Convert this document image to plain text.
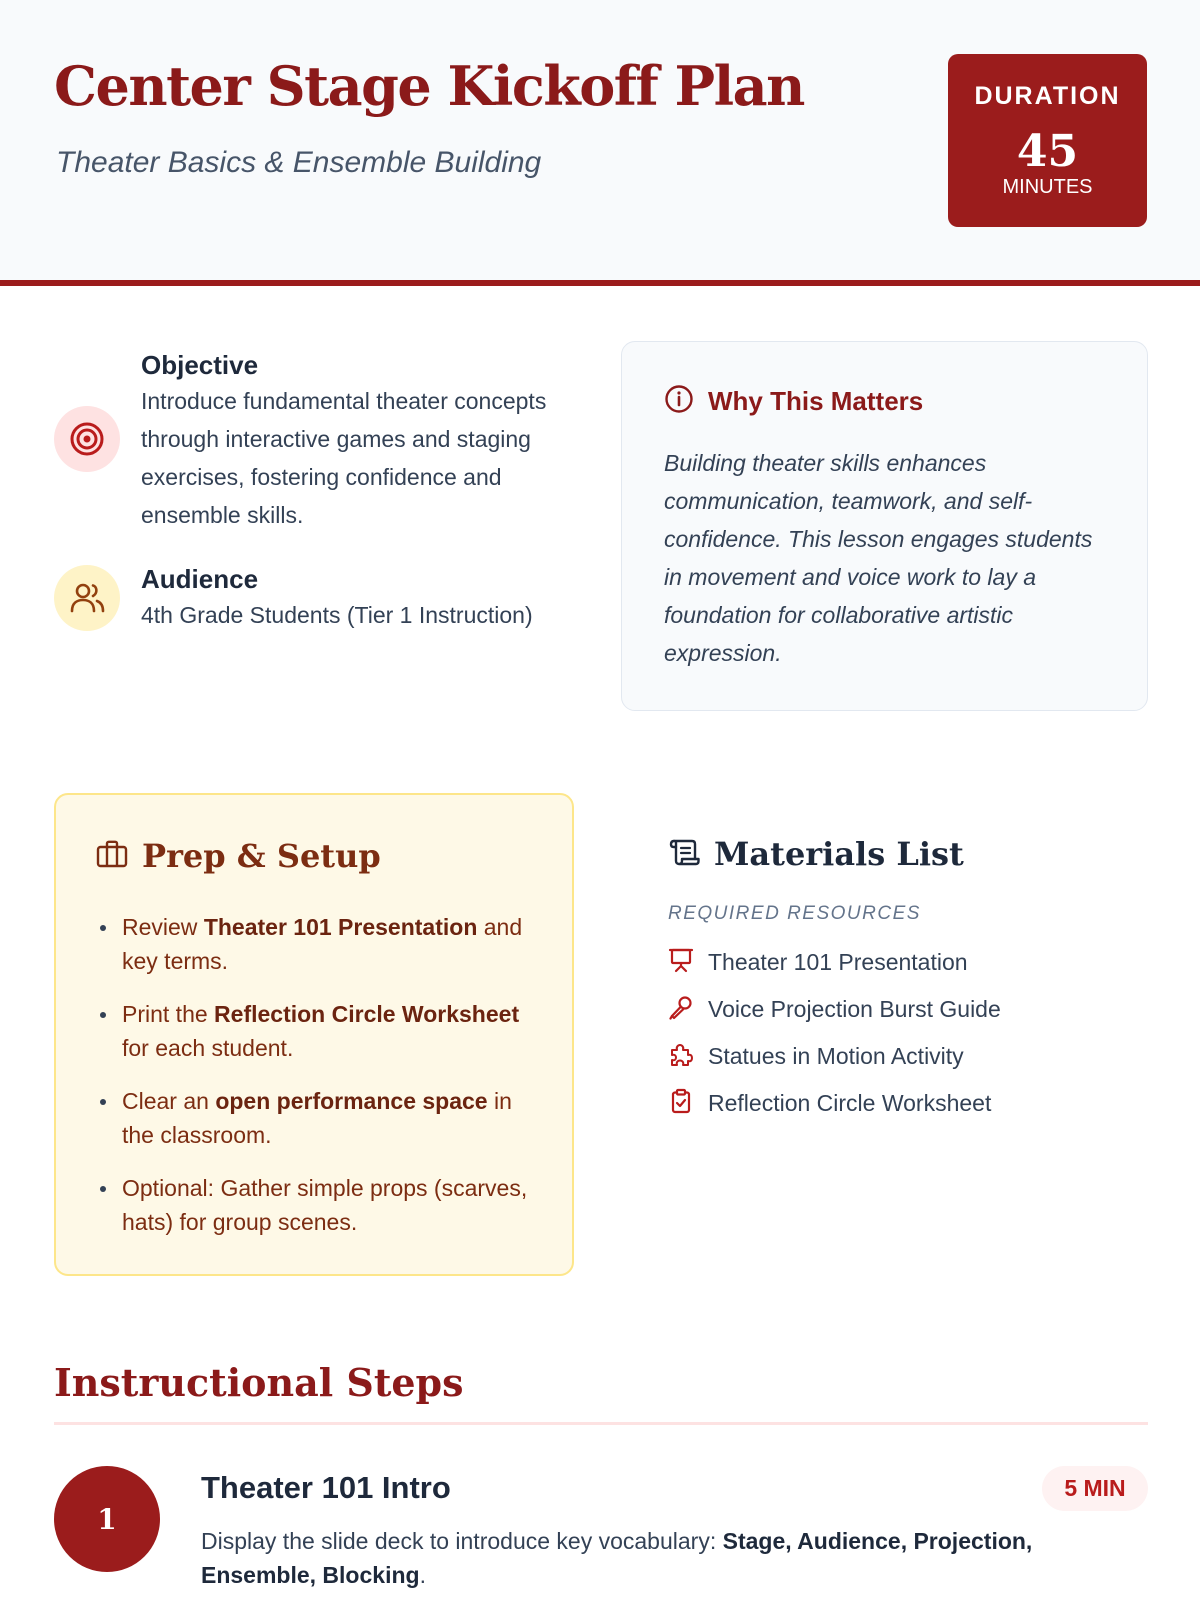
Center Stage Kickoff Plan
Theater Basics & Ensemble Building
DURATION
45
MINUTES
Objective
Introduce fundamental theater concepts through interactive games and staging exercises, fostering confidence and ensemble skills.
Audience
4th Grade Students (Tier 1 Instruction)
Why This Matters
Building theater skills enhances communication, teamwork, and self-confidence. This lesson engages students in movement and voice work to lay a foundation for collaborative artistic expression.
Prep & Setup
Review Theater 101 Presentation and key terms.
Print the Reflection Circle Worksheet for each student.
Clear an open performance space in the classroom.
Optional: Gather simple props (scarves, hats) for group scenes.
Materials List
REQUIRED RESOURCES
Theater 101 Presentation
Voice Projection Burst Guide
Statues in Motion Activity
Reflection Circle Worksheet
Instructional Steps
1
Theater 101 Intro	5 MIN
Display the slide deck to introduce key vocabulary: Stage, Audience, Projection, Ensemble, Blocking.
